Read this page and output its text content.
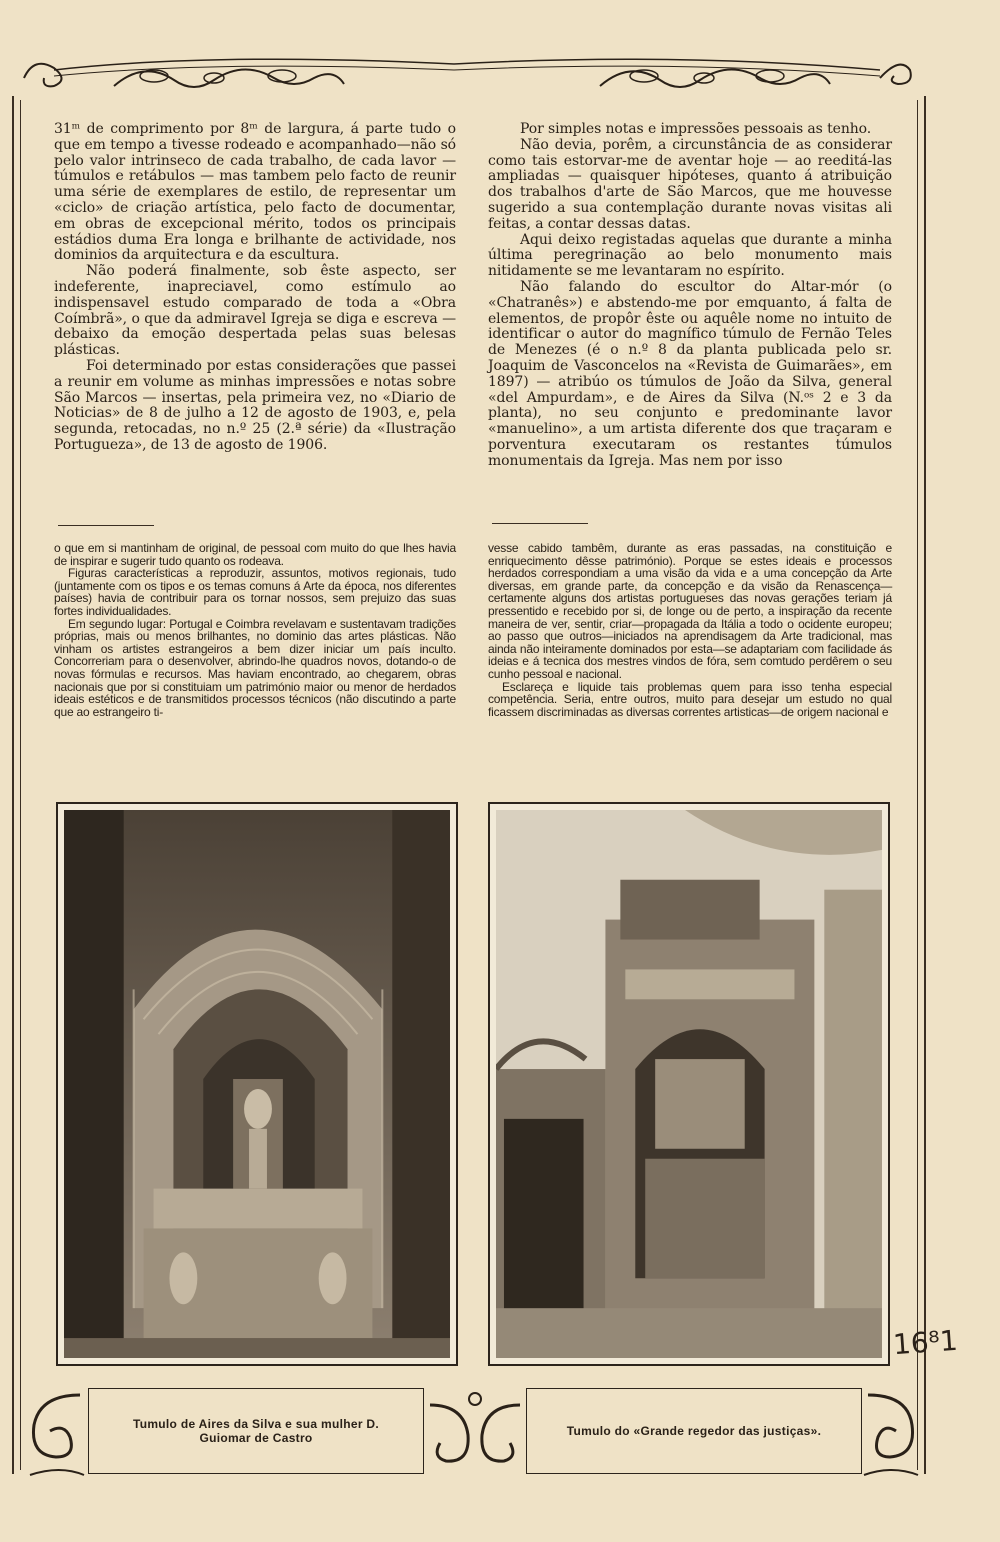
31ᵐ de comprimento por 8ᵐ de largura, á parte tudo o que em tempo a tivesse rodeado e acompanhado—não só pelo valor intrinseco de cada trabalho, de cada lavor — túmulos e retábulos — mas tambem pelo facto de reunir uma série de exemplares de estilo, de representar um «ciclo» de criação artística, pelo facto de documentar, em obras de excepcional mérito, todos os principais estádios duma Era longa e brilhante de actividade, nos dominios da arquitectura e da escultura.

Não poderá finalmente, sob êste aspecto, ser indeferente, inapreciavel, como estímulo ao indispensavel estudo comparado de toda a «Obra Coímbrã», o que da admiravel Igreja se diga e escreva — debaixo da emoção despertada pelas suas belesas plásticas.

Foi determinado por estas considerações que passei a reunir em volume as minhas impressões e notas sobre São Marcos — insertas, pela primeira vez, no «Diario de Noticias» de 8 de julho a 12 de agosto de 1903, e, pela segunda, retocadas, no n.º 25 (2.ª série) da «Ilustração Portugueza», de 13 de agosto de 1906.

Por simples notas e impressões pessoais as tenho.

Não devia, porêm, a circunstância de as considerar como tais estorvar-me de aventar hoje — ao reeditá-las ampliadas — quaisquer hipóteses, quanto á atribuição dos trabalhos d'arte de São Marcos, que me houvesse sugerido a sua contemplação durante novas visitas ali feitas, a contar dessas datas.

Aqui deixo registadas aquelas que durante a minha última peregrinação ao belo monumento mais nitidamente se me levantaram no espírito.

Não falando do escultor do Altar-mór (o «Chatranês») e abstendo-me por emquanto, á falta de elementos, de propôr êste ou aquêle nome no intuito de identificar o autor do magnífico túmulo de Fernão Teles de Menezes (é o n.º 8 da planta publicada pelo sr. Joaquim de Vasconcelos na «Revista de Guimarães», em 1897) — atribúo os túmulos de João da Silva, general «del Ampurdam», e de Aires da Silva (N.ᵒˢ 2 e 3 da planta), no seu conjunto e predominante lavor «manuelino», a um artista diferente dos que traçaram e porventura executaram os restantes túmulos monumentais da Igreja. Mas nem por isso

o que em si mantinham de original, de pessoal com muito do que lhes havia de inspirar e sugerir tudo quanto os rodeava.

Figuras características a reproduzir, assuntos, motivos regionais, tudo (juntamente com os tipos e os temas comuns á Arte da época, nos diferentes países) havia de contribuir para os tornar nossos, sem prejuizo das suas fortes individualidades.

Em segundo lugar: Portugal e Coimbra revelavam e sustentavam tradições próprias, mais ou menos brilhantes, no dominio das artes plásticas. Não vinham os artistes estrangeiros a bem dizer iniciar um país inculto. Concorreriam para o desenvolver, abrindo-lhe quadros novos, dotando-o de novas fórmulas e recursos. Mas haviam encontrado, ao chegarem, obras nacionais que por si constituiam um património maior ou menor de herdados ideais estéticos e de transmitidos processos técnicos (não discutindo a parte que ao estrangeiro ti-

vesse cabido tambêm, durante as eras passadas, na constituição e enriquecimento dêsse património). Porque se estes ideais e processos herdados correspondiam a uma visão da vida e a uma concepção da Arte diversas, em grande parte, da concepção e da visão da Renascença—certamente alguns dos artistas portugueses das novas gerações teriam já pressentido e recebido por si, de longe ou de perto, a inspiração da recente maneira de ver, sentir, criar—propagada da Itália a todo o ocidente europeu; ao passo que outros—iniciados na aprendisagem da Arte tradicional, mas ainda não inteiramente dominados por esta—se adaptariam com facilidade ás ideias e á tecnica dos mestres vindos de fóra, sem comtudo perdêrem o seu cunho pessoal e nacional.

Esclareça e liquide tais problemas quem para isso tenha especial competência. Seria, entre outros, muito para desejar um estudo no qual ficassem discriminadas as diversas correntes artisticas—de origem nacional e

Tumulo de Aires da Silva e sua mulher D. Guiomar de Castro	Tumulo do «Grande regedor das justiças».
16⁸1
